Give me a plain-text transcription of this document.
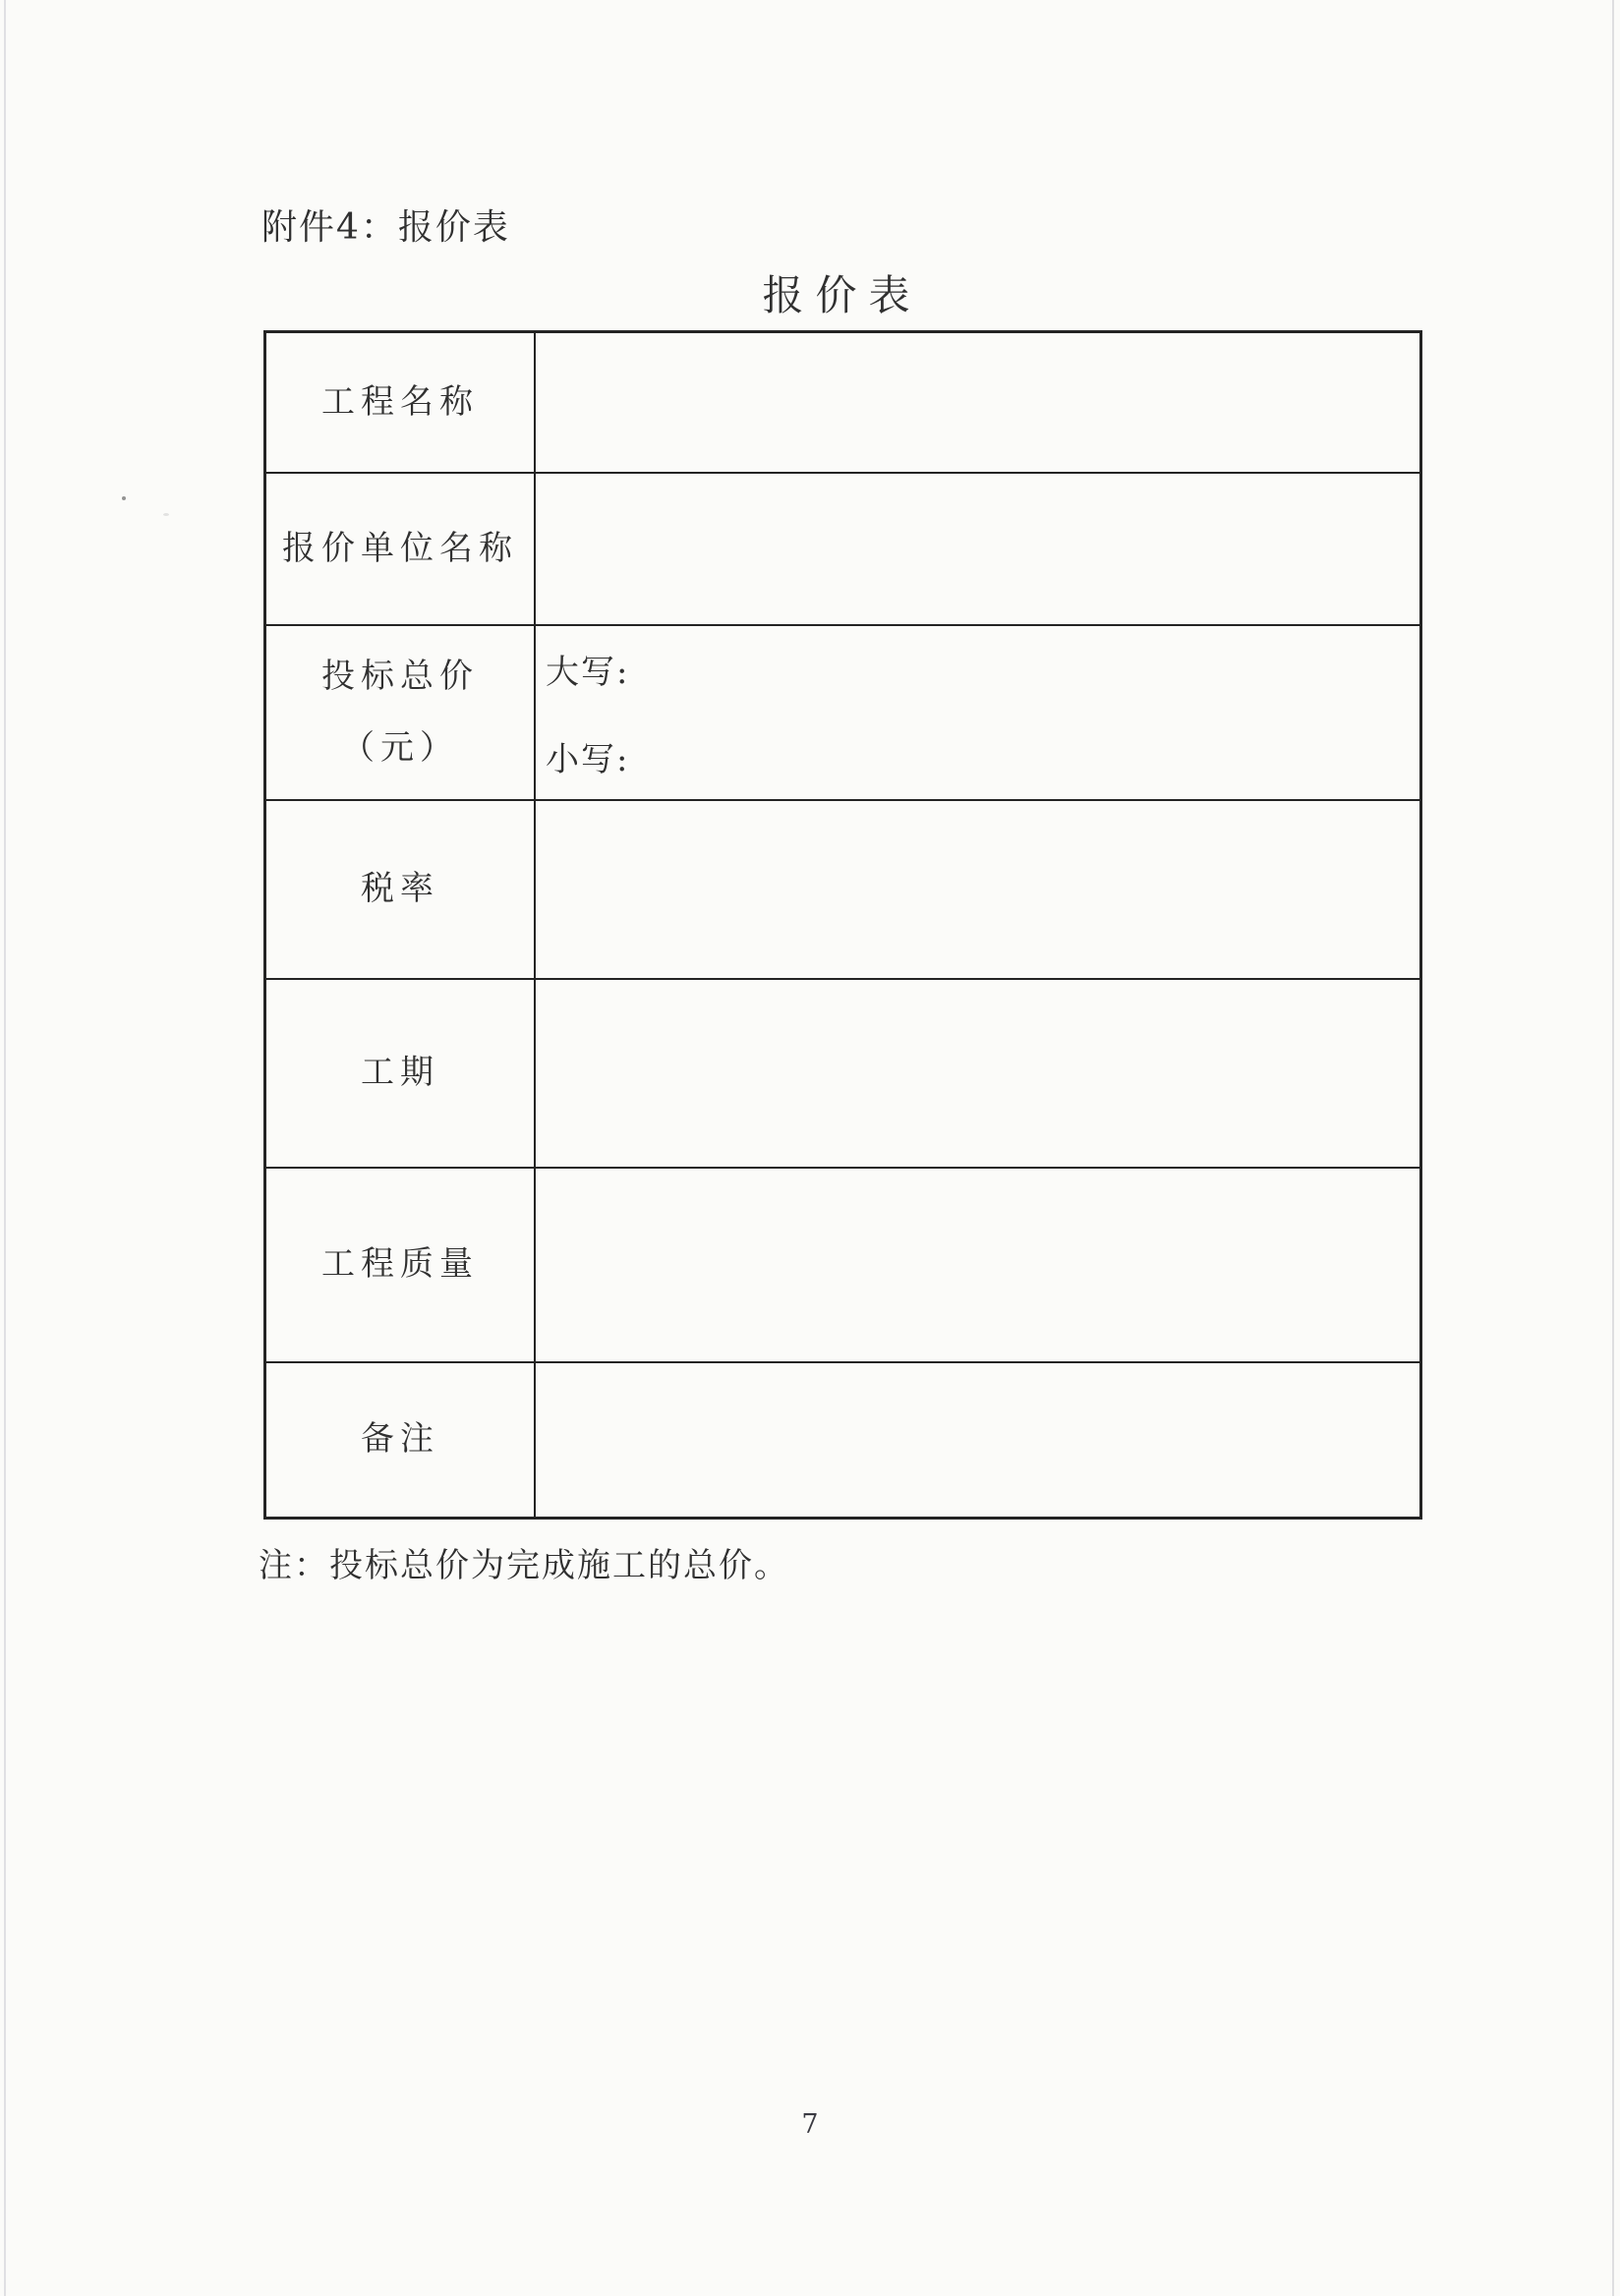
附件4：报价表
报价表
工程名称
报价单位名称
投标总价
（元）
大写:
小写:
税率
工期
工程质量
备注
注：投标总价为完成施工的总价。
7
